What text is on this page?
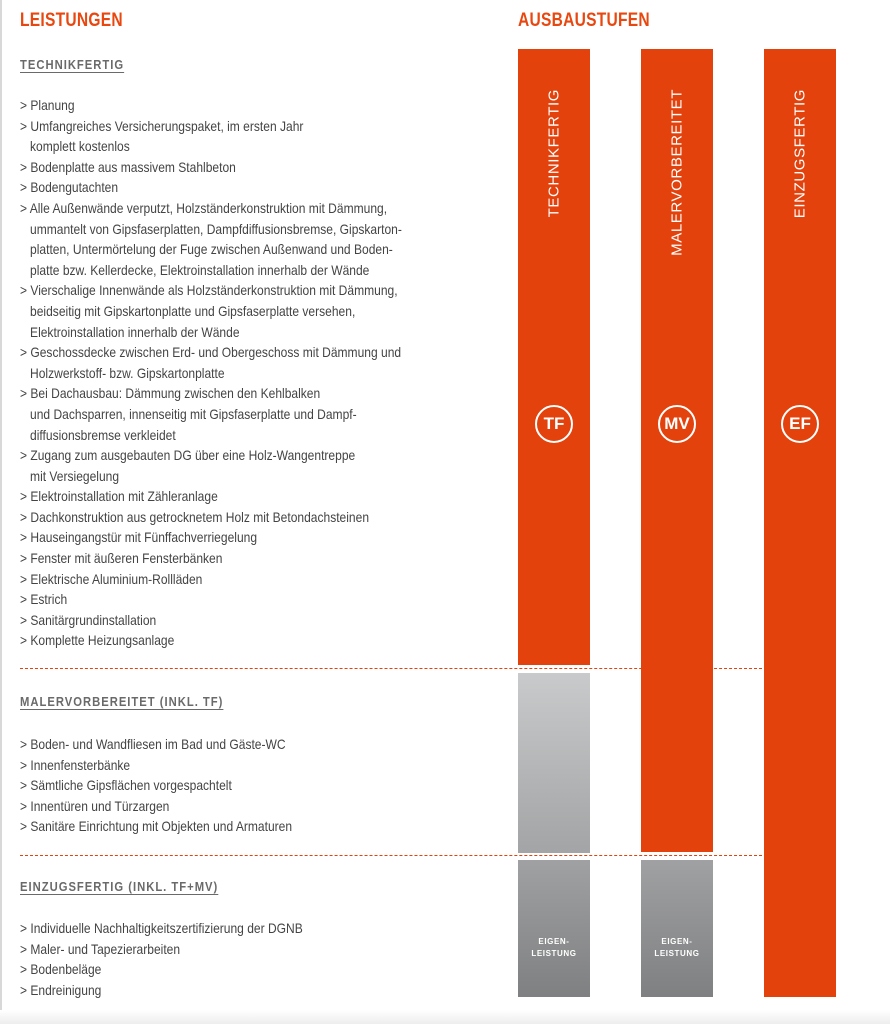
LEISTUNGEN	AUSBAUSTUFEN
TECHNIKFERTIG
> Planung
> Umfangreiches Versicherungspaket, im ersten Jahr
komplett kostenlos
> Bodenplatte aus massivem Stahlbeton
> Bodengutachten
> Alle Außenwände verputzt, Holzständerkonstruktion mit Dämmung,
ummantelt von Gipsfaserplatten, Dampfdiffusionsbremse, Gipskarton-
platten, Untermörtelung der Fuge zwischen Außenwand und Boden-
platte bzw. Kellerdecke, Elektroinstallation innerhalb der Wände
> Vierschalige Innenwände als Holzständerkonstruktion mit Dämmung,
beidseitig mit Gipskartonplatte und Gipsfaserplatte versehen,
Elektroinstallation innerhalb der Wände
> Geschossdecke zwischen Erd- und Obergeschoss mit Dämmung und
Holzwerkstoff- bzw. Gipskartonplatte
> Bei Dachausbau: Dämmung zwischen den Kehlbalken
und Dachsparren, innenseitig mit Gipsfaserplatte und Dampf-
diffusionsbremse verkleidet
> Zugang zum ausgebauten DG über eine Holz-Wangentreppe
mit Versiegelung
> Elektroinstallation mit Zähleranlage
> Dachkonstruktion aus getrocknetem Holz mit Betondachsteinen
> Hauseingangstür mit Fünffachverriegelung
> Fenster mit äußeren Fensterbänken
> Elektrische Aluminium-Rollläden
> Estrich
> Sanitärgrundinstallation
> Komplette Heizungsanlage
MALERVORBEREITET (INKL. TF)
> Boden- und Wandfliesen im Bad und Gäste-WC
> Innenfensterbänke
> Sämtliche Gipsflächen vorgespachtelt
> Innentüren und Türzargen
> Sanitäre Einrichtung mit Objekten und Armaturen
EINZUGSFERTIG (INKL. TF+MV)
> Individuelle Nachhaltigkeitszertifizierung der DGNB
> Maler- und Tapezierarbeiten
> Bodenbeläge
> Endreinigung
TECHNIKFERTIG
TF
EIGEN-
LEISTUNG
MALERVORBEREITET
MV
EIGEN-
LEISTUNG
EINZUGSFERTIG
EF
